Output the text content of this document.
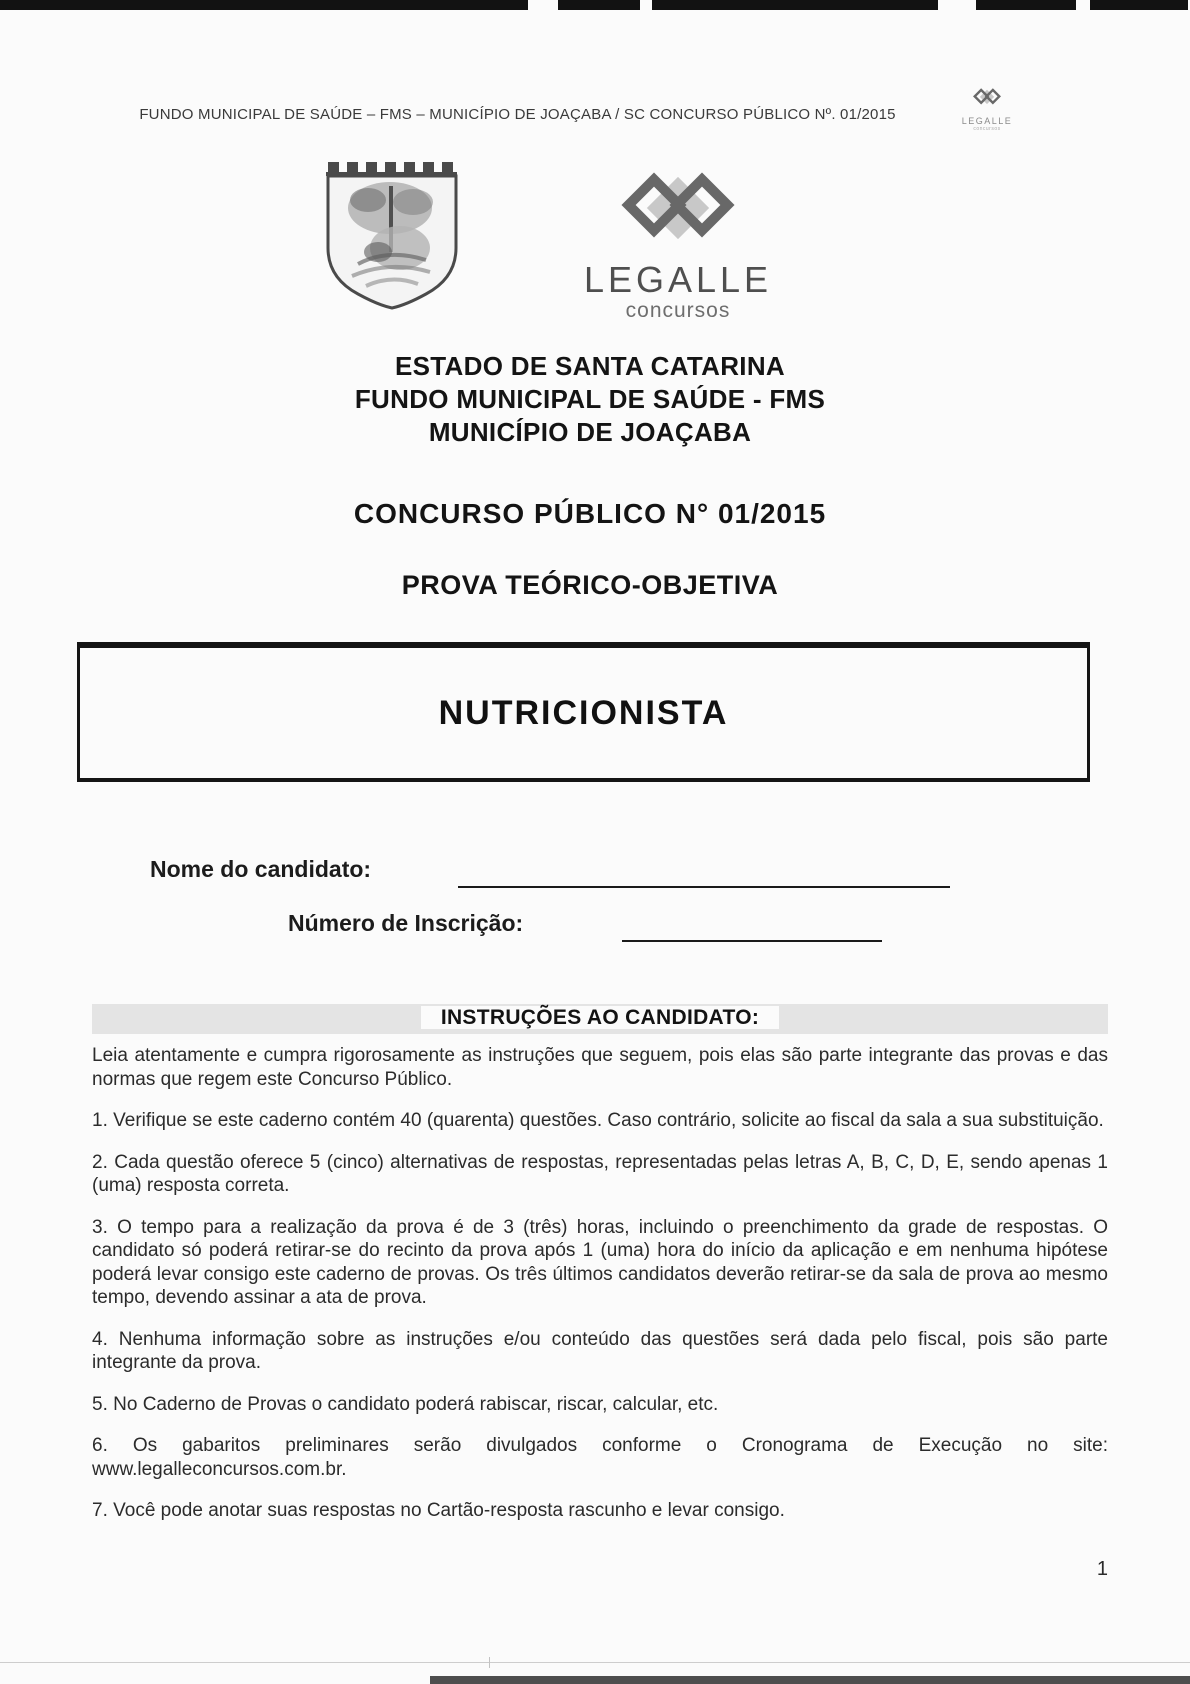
FUNDO MUNICIPAL DE SAÚDE – FMS – MUNICÍPIO DE JOAÇABA / SC CONCURSO PÚBLICO Nº. 01/2015	LEGALLE
concursos
LEGALLE
concursos
ESTADO DE SANTA CATARINA
FUNDO MUNICIPAL DE SAÚDE - FMS
MUNICÍPIO DE JOAÇABA
CONCURSO PÚBLICO N° 01/2015
PROVA TEÓRICO-OBJETIVA
NUTRICIONISTA
Nome do candidato:
Número de Inscrição:
INSTRUÇÕES AO CANDIDATO:

Leia atentamente e cumpra rigorosamente as instruções que seguem, pois elas são parte integrante das provas e das normas que regem este Concurso Público.

1. Verifique se este caderno contém 40 (quarenta) questões. Caso contrário, solicite ao fiscal da sala a sua substituição.

2. Cada questão oferece 5 (cinco) alternativas de respostas, representadas pelas letras A, B, C, D, E, sendo apenas 1 (uma) resposta correta.

3. O tempo para a realização da prova é de 3 (três) horas, incluindo o preenchimento da grade de respostas. O candidato só poderá retirar-se do recinto da prova após 1 (uma) hora do início da aplicação e em nenhuma hipótese poderá levar consigo este caderno de provas. Os três últimos candidatos deverão retirar-se da sala de prova ao mesmo tempo, devendo assinar a ata de prova.

4. Nenhuma informação sobre as instruções e/ou conteúdo das questões será dada pelo fiscal, pois são parte integrante da prova.

5. No Caderno de Provas o candidato poderá rabiscar, riscar, calcular, etc.

6. Os gabaritos preliminares serão divulgados conforme o Cronograma de Execução no site: www.legalleconcursos.com.br.

7. Você pode anotar suas respostas no Cartão-resposta rascunho e levar consigo.

1
